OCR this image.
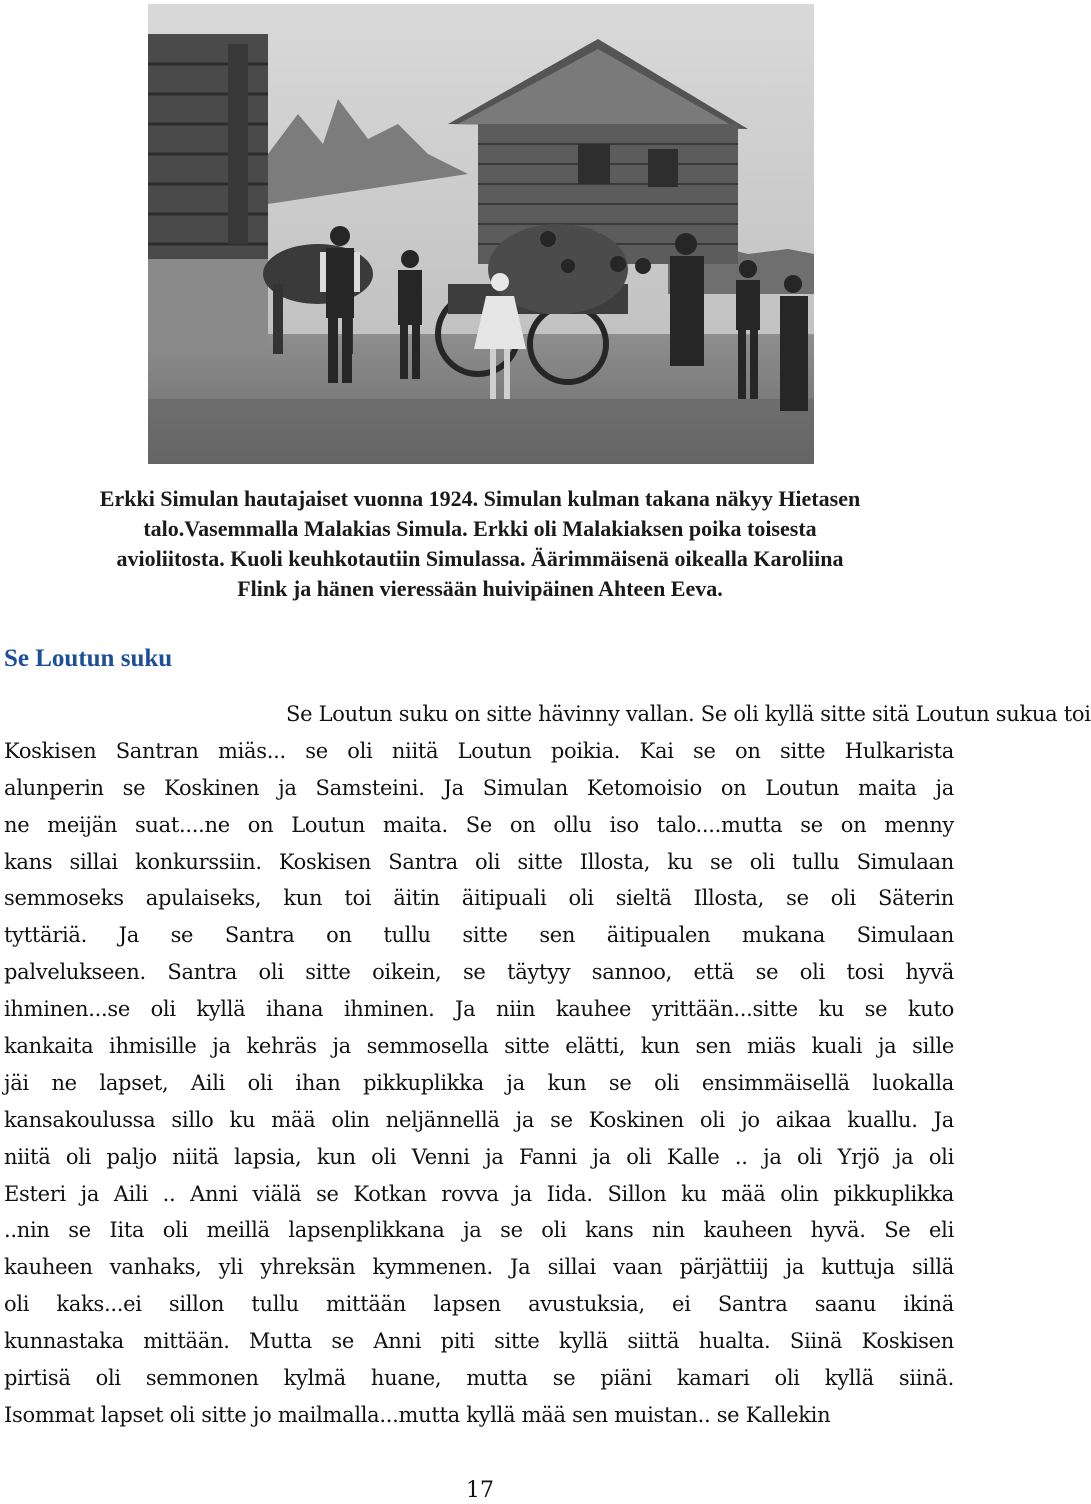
Erkki Simulan hautajaiset vuonna 1924. Simulan kulman takana näkyy Hietasen
talo.Vasemmalla Malakias Simula. Erkki oli Malakiaksen poika toisesta
avioliitosta. Kuoli keuhkotautiin Simulassa. Äärimmäisenä oikealla Karoliina
Flink ja hänen vieressään huivipäinen Ahteen Eeva.
Se Loutun suku
Se Loutun suku on sitte hävinny vallan. Se oli kyllä sitte sitä Loutun sukua toi
Koskisen Santran miäs... se oli niitä Loutun poikia. Kai se on sitte Hulkarista
alunperin se Koskinen ja Samsteini. Ja Simulan Ketomoisio on Loutun maita ja
ne meijän suat....ne on Loutun maita. Se on ollu iso talo....mutta se on menny
kans sillai konkurssiin. Koskisen Santra oli sitte Illosta, ku se oli tullu Simulaan
semmoseks apulaiseks, kun toi äitin äitipuali oli sieltä Illosta, se oli Säterin
tyttäriä. Ja se Santra on tullu sitte sen äitipualen mukana Simulaan
palvelukseen. Santra oli sitte oikein, se täytyy sannoo, että se oli tosi hyvä
ihminen...se oli kyllä ihana ihminen. Ja niin kauhee yrittään...sitte ku se kuto
kankaita ihmisille ja kehräs ja semmosella sitte elätti, kun sen miäs kuali ja sille
jäi ne lapset, Aili oli ihan pikkuplikka ja kun se oli ensimmäisellä luokalla
kansakoulussa sillo ku mää olin neljännellä ja se Koskinen oli jo aikaa kuallu. Ja
niitä oli paljo niitä lapsia, kun oli Venni ja Fanni ja oli Kalle .. ja oli Yrjö ja oli
Esteri ja Aili .. Anni viälä se Kotkan rovva ja Iida. Sillon ku mää olin pikkuplikka
..nin se Iita oli meillä lapsenplikkana ja se oli kans nin kauheen hyvä. Se eli
kauheen vanhaks, yli yhreksän kymmenen. Ja sillai vaan pärjättiij ja kuttuja sillä
oli kaks...ei sillon tullu mittään lapsen avustuksia, ei Santra saanu ikinä
kunnastaka mittään. Mutta se Anni piti sitte kyllä siittä hualta. Siinä Koskisen
pirtisä oli semmonen kylmä huane, mutta se piäni kamari oli kyllä siinä.
Isommat lapset oli sitte jo mailmalla...mutta kyllä mää sen muistan.. se Kallekin
17
